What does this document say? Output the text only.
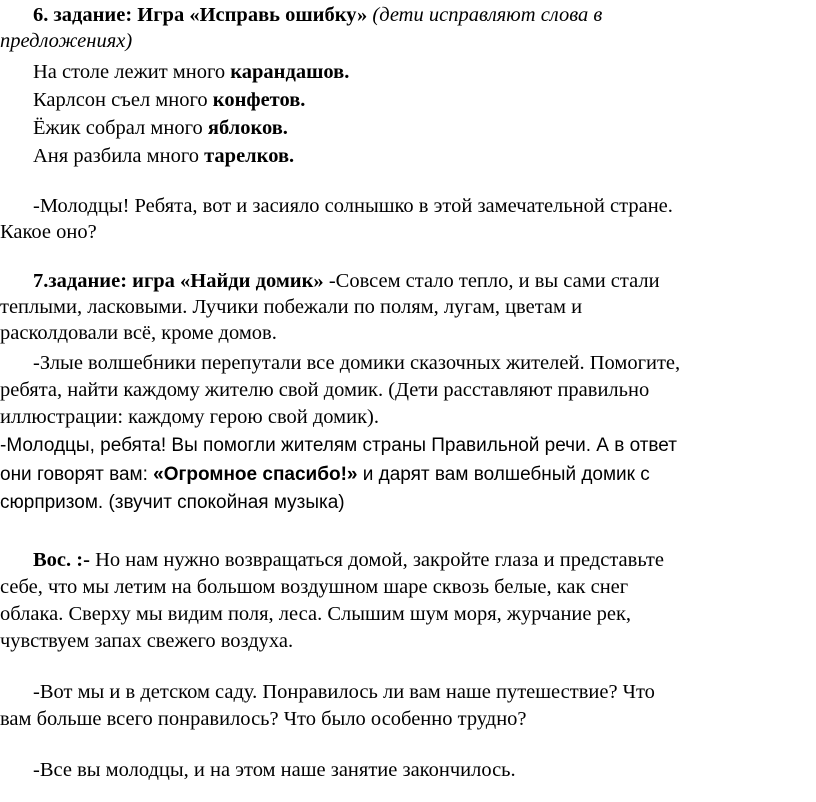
6. задание: Игра «Исправь ошибку» (дети исправляют слова в
предложениях)
На столе лежит много карандашов.
Карлсон съел много конфетов.
Ёжик собрал много яблоков.
Аня разбила много тарелков.
-Молодцы! Ребята, вот и засияло солнышко в этой замечательной стране.
Какое оно?
7.задание: игра «Найди домик» -Совсем стало тепло, и вы сами стали
теплыми, ласковыми. Лучики побежали по полям, лугам, цветам и
расколдовали всё, кроме домов.
-Злые волшебники перепутали все домики сказочных жителей. Помогите,
ребята, найти каждому жителю свой домик. (Дети расставляют правильно
иллюстрации: каждому герою свой домик).
-Молодцы, ребята! Вы помогли жителям страны Правильной речи. А в ответ
они говорят вам: «Огромное спасибо!» и дарят вам волшебный домик с
сюрпризом. (звучит спокойная музыка)
Вос. :- Но нам нужно возвращаться домой, закройте глаза и представьте
себе, что мы летим на большом воздушном шаре сквозь белые, как снег
облака. Сверху мы видим поля, леса. Слышим шум моря, журчание рек,
чувствуем запах свежего воздуха.
-Вот мы и в детском саду. Понравилось ли вам наше путешествие? Что
вам больше всего понравилось? Что было особенно трудно?
-Все вы молодцы, и на этом наше занятие закончилось.
